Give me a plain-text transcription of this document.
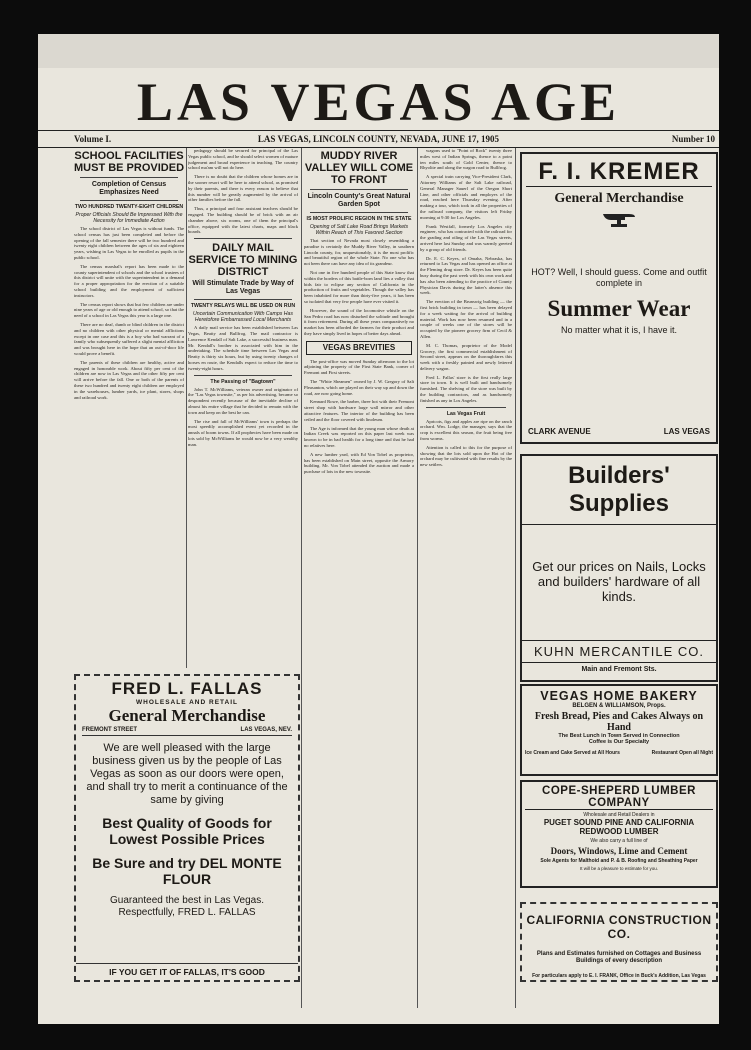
LAS VEGAS AGE
Volume I.	LAS VEGAS, LINCOLN COUNTY, NEVADA, JUNE 17, 1905	Number 10
SCHOOL FACILITIES MUST BE PROVIDED
Completion of Census Emphasizes Need
TWO HUNDRED TWENTY-EIGHT CHILDREN
Proper Officials Should Be Impressed With the Necessity for Immediate Action

The school district of Las Vegas is without funds. The school census has just been completed and before the opening of the fall semester there will be two hundred and twenty eight children between the ages of six and eighteen years, wishing in Las Vegas to be enrolled as pupils in the public school.

The census marshal's report has been made to the county superintendent of schools and the school trustees of this district will unite with the superintendent in a demand for a proper appropriation for the erection of a suitable school building and the employment of sufficient instructors.

The census report shows that but few children are under nine years of age or old enough to attend school, so that the need of a school in Las Vegas this year is a large one.

There are no deaf, dumb or blind children in the district and no children with other physical or mental afflictions except in one case and this is a boy who had warrant of a family who subsequently suffered a slight mental affliction and was brought here in the hope that an out-of-door life would prove a benefit.

The parents of these children are healthy, active and engaged in honorable work. About fifty per cent of the children are now in Las Vegas and the other fifty per cent will arrive before the fall. One or both of the parents of these two hundred and twenty eight children are employed in the warehouses, lumber yards, ice plant, stores, shops and railroad work.

pedagogy should be secured for principal of the Las Vegas public school, and he should select women of mature judgement and broad experience in teaching. The country school ma'am will not do here.

There is no doubt that the children whose homes are in the sooner resort will be here to attend school, as promised by their parents, and there is every reason to believe that this number will be greatly augmented by the arrival of other families before the fall.

Thus, a principal and four assistant teachers should be engaged. The building should be of brick with an air chamber above, six rooms, one of them the principal's office, equipped with the latest charts, maps and black boards.

DAILY MAIL SERVICE TO MINING DISTRICT
Will Stimulate Trade by Way of Las Vegas
TWENTY RELAYS WILL BE USED ON RUN
Uncertain Communication With Camps Has Heretofore Embarrassed Local Merchants

A daily mail service has been established between Las Vegas, Beatty and Bullfrog. The mail contractor is Lawrence Kendall of Salt Lake, a successful business man. Mr. Kendall's brother is associated with him in the undertaking. The schedule time between Las Vegas and Beatty is thirty six hours, but by using twenty changes of horses en route, the Kendalls expect to reduce the time to twenty-eight hours.

The Passing of "Bagtown"

John T. McWilliams, veteran owner and originator of the "Las Vegas townsite," as per his advertising, became so despondent recently because of the inevitable decline of almost his entire village that he decided to remain with the town and keep on the best he can.

The rise and fall of McWilliams' town is perhaps the most speedily accomplished event yet recorded in the annals of boom towns. If all prophecies have been made on lots sold by McWilliams he would now be a very wealthy man.

MUDDY RIVER VALLEY WILL COME TO FRONT
Lincoln County's Great Natural Garden Spot
IS MOST PROLIFIC REGION IN THE STATE
Opening of Salt Lake Road Brings Markets Within Reach of This Favored Section

That section of Nevada most closely resembling a paradise is certainly the Muddy River Valley, in southern Lincoln county, for, unquestionably, it is the most prolific and beautiful region of the whole State. No one who has not been there can have any idea of its grandeur.

Not one in five hundred people of this State know that within the borders of this battle-born land lies a valley that bids fair to eclipse any section of California in the production of fruits and vegetables. Though the valley has been inhabited for more than thirty-five years, it has been so isolated that very few people have ever visited it.

However, the sound of the locomotive whistle on the San Pedro road has now disturbed the solitude and brought it from retirement. During all these years comparatively no market has been afforded the farmers for their product and they have simply lived in hopes of better days ahead.

VEGAS BREVITIES

The post-office was moved Sunday afternoon to the lot adjoining the property of the First State Bank, corner of Fremont and First streets.

The "White Sheamen" owned by J. W. Gregory of Salt Pleasanton, which are played on their way up and down the road, are now going home.

Kennard Rowe, the barber, three hot with their Fremont street shop with hardware large wall mirror and other attractive features. The interior of the building has been ceiled and the floor covered with linoleum.

The Age is informed that the young man whose death at Indian Creek was reported on this paper last week was known to be in bad health for a long time and that he had no relatives here.

A new lumber yard, with Ed Von Tobel as proprietor, has been established on Main street, opposite the Armory building. Mr. Von Tobel attended the auction and made a purchase of lots in the new townsite.

wagons used to "Point of Rock" twenty three miles west of Indian Springs, thence to a point ten miles south of Gold Center, thence to Rhyolite and along the wagon road to Bullfrog.

A special train carrying Vice-President Clark, Attorney Williams of the Salt Lake railroad, General Manager Sauerl of the Oregon Short Line, and other officials and employes of the road, reached here Thursday evening. After making a tour, which took in all the properties of the railroad company, the visitors left Friday morning at 9:30 for Los Angeles.

Frank Westfall, formerly Los Angeles city engineer, who has contracted with the railroad for the grading and oiling of the Las Vegas streets, arrived here last Sunday and was warmly greeted by a group of old friends.

Dr. E. C. Keyes, of Omaha, Nebraska, has returned to Las Vegas and has opened an office at the Fleming drug store. Dr. Keyes has been quite busy during the past week with his own work and has also been attending to the practice of County Physician Davis during the latter's absence this week.

The erection of the Brunswig building — the first brick building in town — has been delayed for a week waiting for the arrival of building material. Work has now been resumed and in a couple of weeks one of the stores will be occupied by the pioneer grocery firm of Cecil & Allen.

M. C. Thomas, proprietor of the Model Grocery, the first commercial establishment of Second street, appears on the thoroughfares this week with a freshly painted and newly lettered delivery wagon.

Fred L. Fallas' store is the first really large store in town. It is well built and handsomely furnished. The shelving of the store was built by the building contractors, and as handsomely finished as any in Los Angeles.

Las Vegas Fruit

Apricots, figs and apples are ripe on the ranch orchard. Wm. Lodge, the manager, says that the crop is excellent this season, the fruit being free from worms.

Attention is called to this for the purpose of showing that the lots sold upon the Hot of the orchard may be cultivated with fine results by the new settlers.

FRED L. FALLAS
WHOLESALE AND RETAIL
General Merchandise
FREMONT STREET	LAS VEGAS, NEV.
We are well pleased with the large business given us by the people of Las Vegas as soon as our doors were open, and shall try to merit a continuance of the same by giving
Best Quality of Goods for Lowest Possible Prices
Be Sure and try DEL MONTE FLOUR
Guaranteed the best in Las Vegas. Respectfully, FRED L. FALLAS
IF YOU GET IT OF FALLAS, IT'S GOOD
F. I. KREMER
General Merchandise
HOT? Well, I should guess. Come and outfit complete in
Summer Wear
No matter what it is, I have it.
CLARK AVENUE	LAS VEGAS
Builders' Supplies
Get our prices on Nails, Locks and builders' hardware of all kinds.
KUHN MERCANTILE CO.
Main and Fremont Sts.
VEGAS HOME BAKERY
BELGEN & WILLIAMSON, Props.
Fresh Bread, Pies and Cakes Always on Hand
The Best Lunch in Town Served in Connection
Coffee is Our Specialty
Ice Cream and Cake Served at All Hours	Restaurant Open all Night
COPE-SHEPERD LUMBER COMPANY
Wholesale and Retail Dealers in
PUGET SOUND PINE AND CALIFORNIA REDWOOD LUMBER
We also carry a full line of
Doors, Windows, Lime and Cement
Sole Agents for Malthoid and P. & B. Roofing and Sheathing Paper
It will be a pleasure to estimate for you.
CALIFORNIA CONSTRUCTION CO.
Plans and Estimates furnished on Cottages and Business Buildings of every description
For particulars apply to E. I. FRANK, Office in Buck's Addition, Las Vegas
